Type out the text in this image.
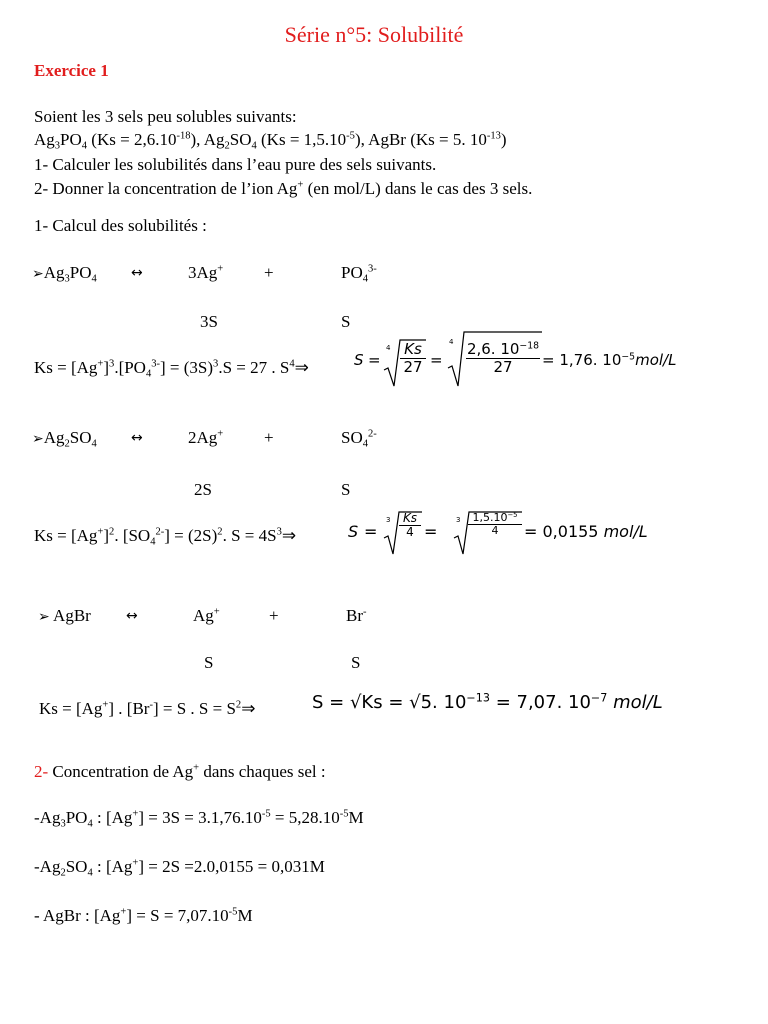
Série n°5: Solubilité
Exercice 1
Soient les 3 sels peu solubles suivants:
$Ag_3PO_4$ $(Ks = 2,6.10^{-18})$, $Ag_2SO_4$ $(Ks = 1,5.10^{-5})$, AgBr (Ks = 5. $10^{-13}$)
1- Calculer les solubilités dans l’eau pure des sels suivants.
2- Donner la concentration de l’ion Ag+ (en mol/L) dans le cas des 3 sels.
1- Calcul des solubilités :
$➢Ag_3PO_4$ ↔	3Ag+ +	$PO_4^{3-}$
3S	S
$Ks = [Ag^+]^3.[PO_4^{3-}] = (3S)^3.S = 27$ . $S^4\Rightarrow$	S =
4 Ks
27 =
4 2,6. $10^{-18}$
27	= 1,76. $10^{-5}mol/L$
$➢Ag_2SO_4$ ↔	2Ag+ +	$SO_4^{2-}$
2S	S
$Ks = [Ag^+]^2$. $[SO_4^{2-}] = (2S)^2$. $S = 4S^3\Rightarrow$	S =
3	Ks
4 =
3	$1,5.10^{-5}$
4	= 0,0155 mol/L
➢ AgBr	↔	Ag+	+	Br-
S	S
Ks = [Ag+] . [Br-] = S . $S = S^2\Rightarrow$	S = √Ks = √5. $10^{-13} = 7,07$. $10^{-7}$ mol/L
2- Concentration de Ag+ dans chaques sel :
$-Ag_3PO_4$ : $[Ag^+] = 3S = 3.1,76.10^{-5} = 5,28.10^{-5}M$
$-Ag_2SO_4$ : [Ag+] = 2S =2.0,0155 = 0,031M
- AgBr : $[Ag^+] = S = 7,07.10^{-5}M$
